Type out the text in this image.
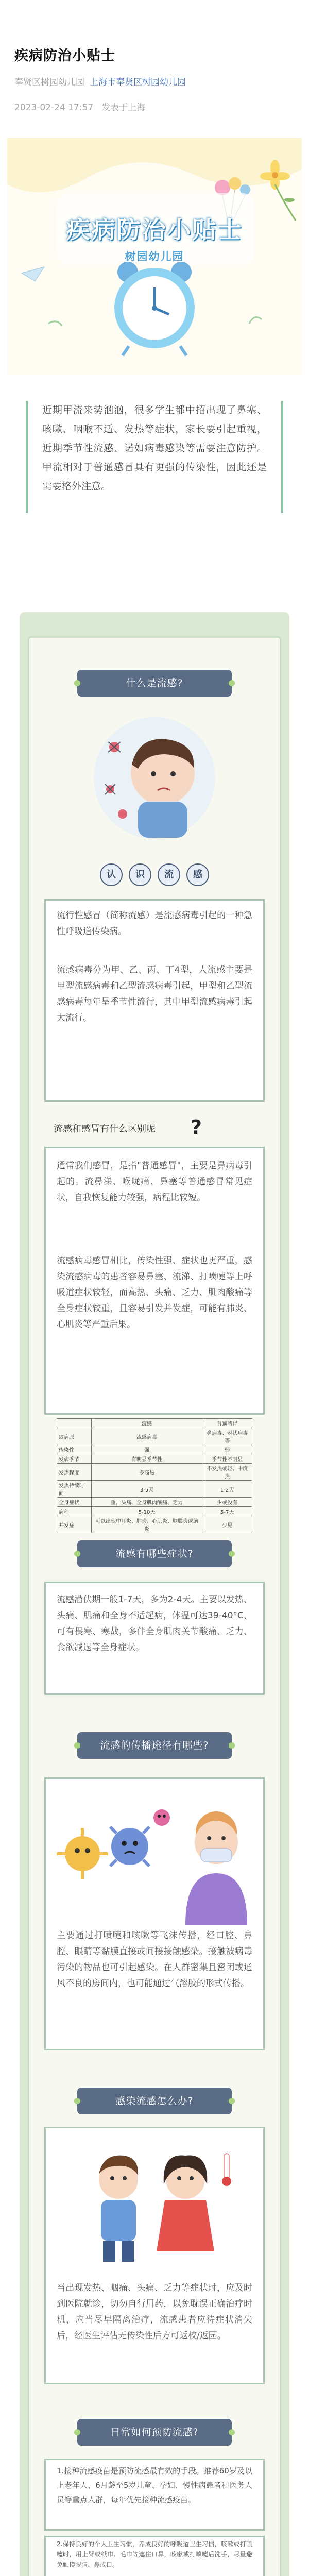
疾病防治小贴士
奉贤区树园幼儿园 上海市奉贤区树园幼儿园
2023-02-24 17:57 发表于上海
疾病防治小贴士
树园幼儿园
近期甲流来势汹汹，很多学生都中招出现了鼻塞、咳嗽、咽喉不适、发热等症状，家长要引起重视，近期季节性流感、诺如病毒感染等需要注意防护。甲流相对于普通感冒具有更强的传染性，因此还是需要格外注意。
什么是流感?
认 识 流 感
流行性感冒（简称流感）是流感病毒引起的一种急性呼吸道传染病。
流感病毒分为甲、乙、丙、丁4型，人流感主要是甲型流感病毒和乙型流感病毒引起，甲型和乙型流感病毒每年呈季节性流行，其中甲型流感病毒引起大流行。
流感和感冒有什么区别呢 ?
通常我们感冒，是指"普通感冒"，主要是鼻病毒引起的。流鼻涕、喉咙痛、鼻塞等普通感冒常见症状，自我恢复能力较强，病程比较短。
流感病毒感冒相比，传染性强、症状也更严重，感染流感病毒的患者容易鼻塞、流涕、打喷嚏等上呼吸道症状较轻，而高热、头痛、乏力、肌肉酸痛等全身症状较重，且容易引发并发症，可能有肺炎、心肌炎等严重后果。
	流感	普通感冒
致病原	流感病毒	鼻病毒、冠状病毒等
传染性	强	弱
发病季节	有明显季节性	季节性不明显
发热程度	多高热	不发热或轻、中度热
发热持续时间	3-5天	1-2天
全身症状	重，头痛、全身肌肉酸痛、乏力	少或没有
病程	5-10天	5-7天
并发症	可以出现中耳炎、肺炎、心肌炎、脑膜炎或脑炎	少见
流感有哪些症状?
流感潜伏期一般1-7天，多为2-4天。主要以发热、头痛、肌痛和全身不适起病，体温可达39-40°C，可有畏寒、寒战，多伴全身肌肉关节酸痛、乏力、食欲减退等全身症状。
流感的传播途径有哪些?
主要通过打喷嚏和咳嗽等飞沫传播，经口腔、鼻腔、眼睛等黏膜直接或间接接触感染。接触被病毒污染的物品也可引起感染。在人群密集且密闭或通风不良的房间内，也可能通过气溶胶的形式传播。
感染流感怎么办?
当出现发热、咽痛、头痛、乏力等症状时，应及时到医院就诊，切勿自行用药，以免耽误正确治疗时机，应当尽早隔离治疗，流感患者应待症状消失后，经医生评估无传染性后方可返校/返园。
日常如何预防流感?
1.接种流感疫苗是预防流感最有效的手段。推荐60岁及以上老年人、6月龄至5岁儿童、孕妇、慢性病患者和医务人员等重点人群，每年优先接种流感疫苗。
2.保持良好的个人卫生习惯，养成良好的呼吸道卫生习惯，咳嗽或打喷嚏时，用上臂或纸巾、毛巾等遮住口鼻，咳嗽或打喷嚏后洗手，尽量避免触摸眼睛、鼻或口。
